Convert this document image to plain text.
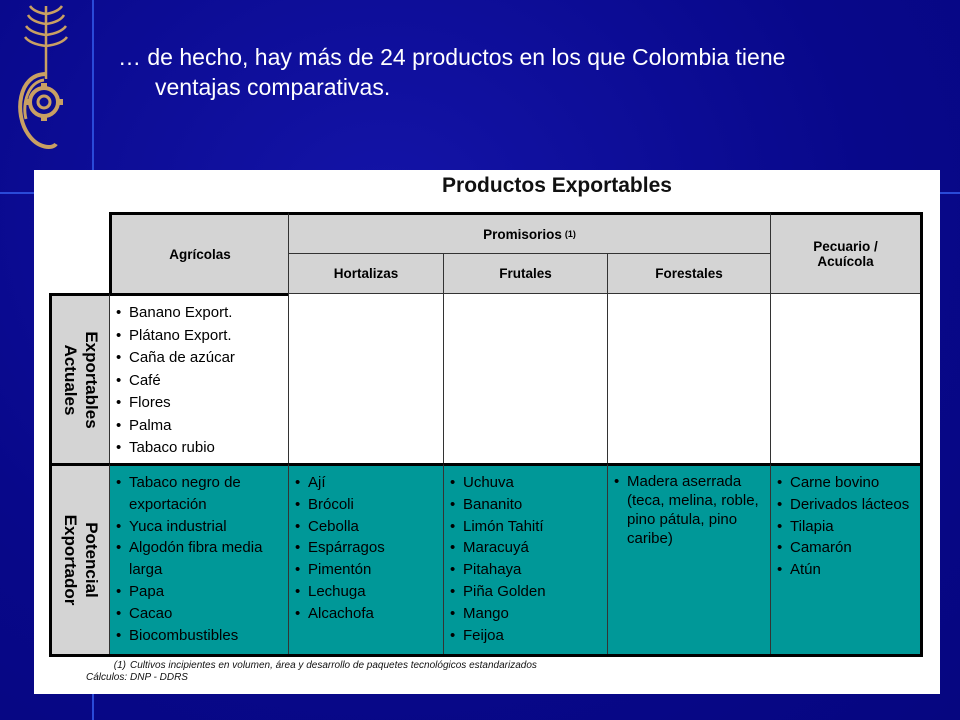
… de hecho, hay más de 24 productos en los que Colombia tiene
ventajas comparativas.
Productos Exportables
Agrícolas
Promisorios (1)
Pecuario / Acuícola
Hortalizas	Frutales	Forestales
Exportables Actuales
• Banano Export.
• Plátano Export.
• Caña de azúcar
• Café
• Flores
• Palma
• Tabaco rubio
Potencial Exportador
• Tabaco negro de exportación
• Yuca industrial
• Algodón fibra media larga
• Papa
• Cacao
• Biocombustibles
• Ají
• Brócoli
• Cebolla
• Espárragos
• Pimentón
• Lechuga
• Alcachofa
• Uchuva
• Bananito
• Limón Tahití
• Maracuyá
• Pitahaya
• Piña Golden
• Mango
• Feijoa
• Madera aserrada (teca, melina, roble, pino pátula, pino caribe)
• Carne bovino
• Derivados lácteos
• Tilapia
• Camarón
• Atún
(1) Cultivos incipientes en volumen, área y desarrollo de paquetes tecnológicos estandarizados
Cálculos: DNP - DDRS
